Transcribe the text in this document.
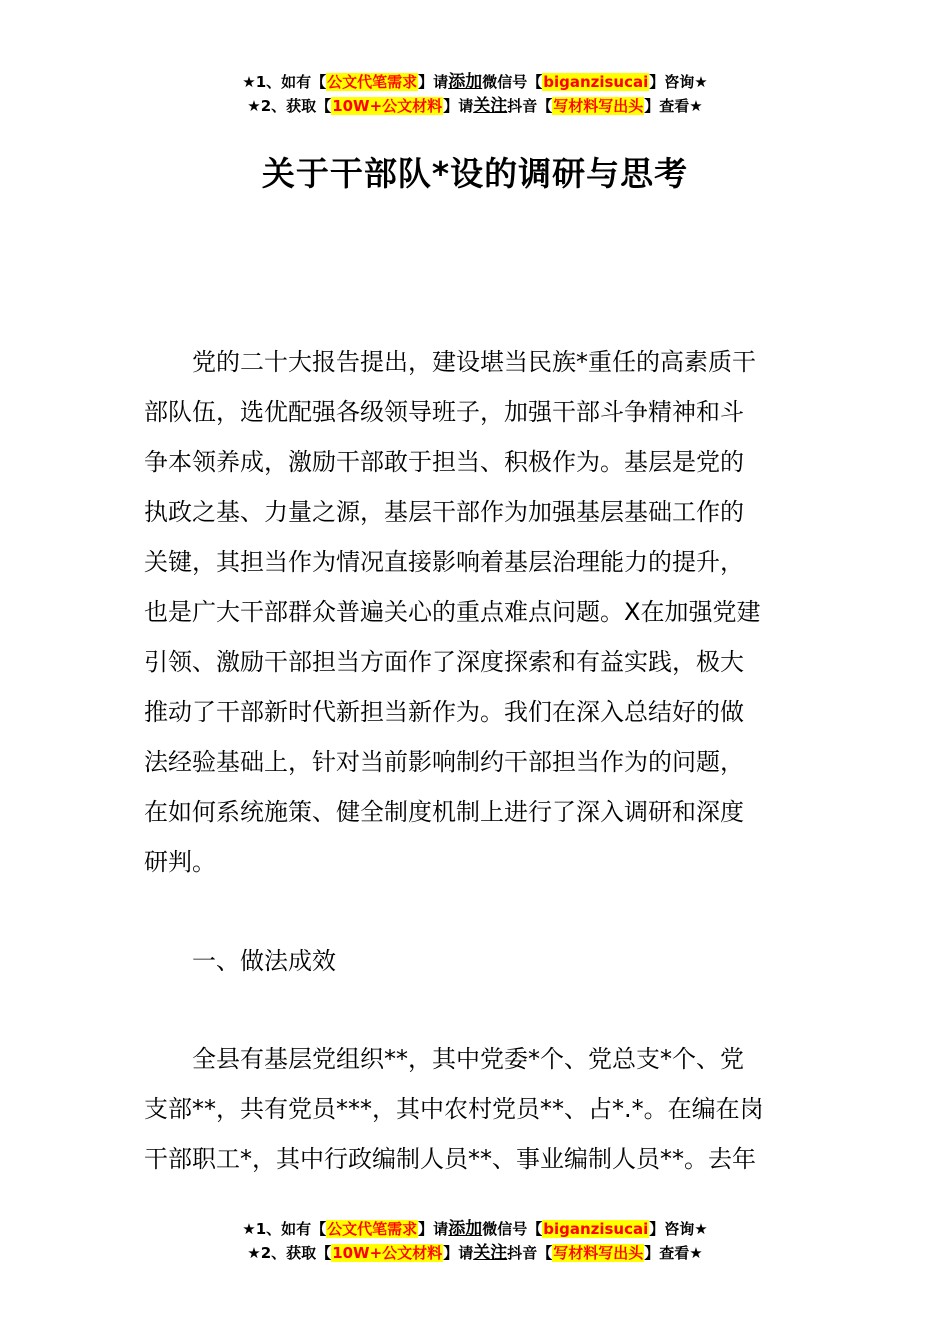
★1、如有【公文代笔需求】请添加微信号【biganzisucai】咨询★
★2、获取【10W+公文材料】请关注抖音【写材料写出头】查看★
关于干部队*设的调研与思考
党的二十大报告提出，建设堪当民族*重任的高素质干
部队伍，选优配强各级领导班子，加强干部斗争精神和斗
争本领养成，激励干部敢于担当、积极作为。基层是党的
执政之基、力量之源，基层干部作为加强基层基础工作的
关键，其担当作为情况直接影响着基层治理能力的提升，
也是广大干部群众普遍关心的重点难点问题。X在加强党建
引领、激励干部担当方面作了深度探索和有益实践，极大
推动了干部新时代新担当新作为。我们在深入总结好的做
法经验基础上，针对当前影响制约干部担当作为的问题，
在如何系统施策、健全制度机制上进行了深入调研和深度
研判。
一、做法成效
全县有基层党组织**，其中党委*个、党总支*个、党
支部**，共有党员***，其中农村党员**、占*.*。在编在岗
干部职工*，其中行政编制人员**、事业编制人员**。去年
★1、如有【公文代笔需求】请添加微信号【biganzisucai】咨询★
★2、获取【10W+公文材料】请关注抖音【写材料写出头】查看★
